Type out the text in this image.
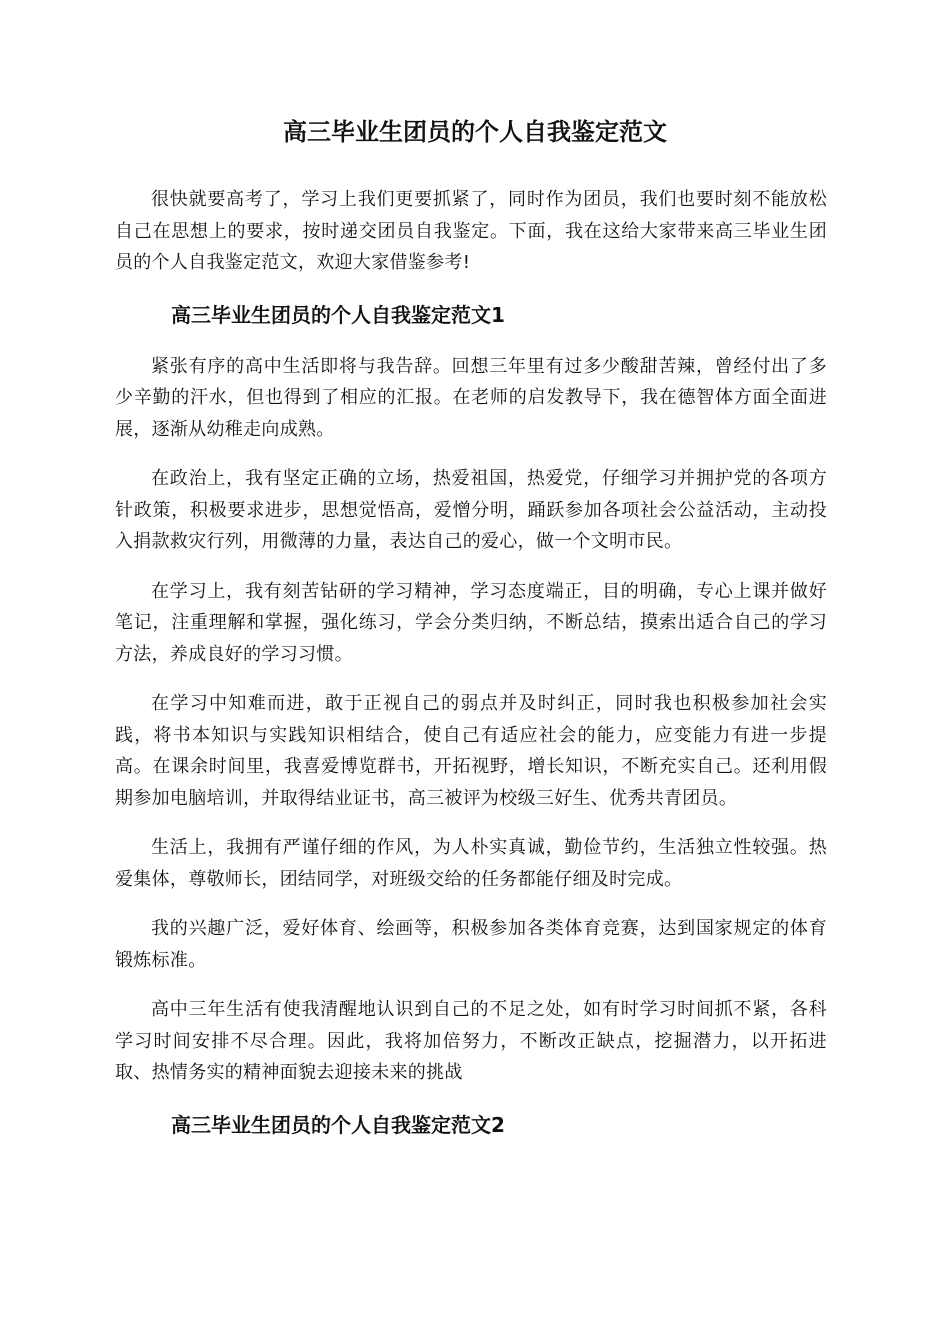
高三毕业生团员的个人自我鉴定范文

很快就要高考了，学习上我们更要抓紧了，同时作为团员，我们也要时刻不能放松自己在思想上的要求，按时递交团员自我鉴定。下面，我在这给大家带来高三毕业生团员的个人自我鉴定范文，欢迎大家借鉴参考!

高三毕业生团员的个人自我鉴定范文1

紧张有序的高中生活即将与我告辞。回想三年里有过多少酸甜苦辣，曾经付出了多少辛勤的汗水，但也得到了相应的汇报。在老师的启发教导下，我在德智体方面全面进展，逐渐从幼稚走向成熟。

在政治上，我有坚定正确的立场，热爱祖国，热爱党，仔细学习并拥护党的各项方针政策，积极要求进步，思想觉悟高，爱憎分明，踊跃参加各项社会公益活动，主动投入捐款救灾行列，用微薄的力量，表达自己的爱心，做一个文明市民。

在学习上，我有刻苦钻研的学习精神，学习态度端正，目的明确，专心上课并做好笔记，注重理解和掌握，强化练习，学会分类归纳，不断总结，摸索出适合自己的学习方法，养成良好的学习习惯。

在学习中知难而进，敢于正视自己的弱点并及时纠正，同时我也积极参加社会实践，将书本知识与实践知识相结合，使自己有适应社会的能力，应变能力有进一步提高。在课余时间里，我喜爱博览群书，开拓视野，增长知识，不断充实自己。还利用假期参加电脑培训，并取得结业证书，高三被评为校级三好生、优秀共青团员。

生活上，我拥有严谨仔细的作风，为人朴实真诚，勤俭节约，生活独立性较强。热爱集体，尊敬师长，团结同学，对班级交给的任务都能仔细及时完成。

我的兴趣广泛，爱好体育、绘画等，积极参加各类体育竞赛，达到国家规定的体育锻炼标准。

高中三年生活有使我清醒地认识到自己的不足之处，如有时学习时间抓不紧，各科学习时间安排不尽合理。因此，我将加倍努力，不断改正缺点，挖掘潜力，以开拓进取、热情务实的精神面貌去迎接未来的挑战

高三毕业生团员的个人自我鉴定范文2
